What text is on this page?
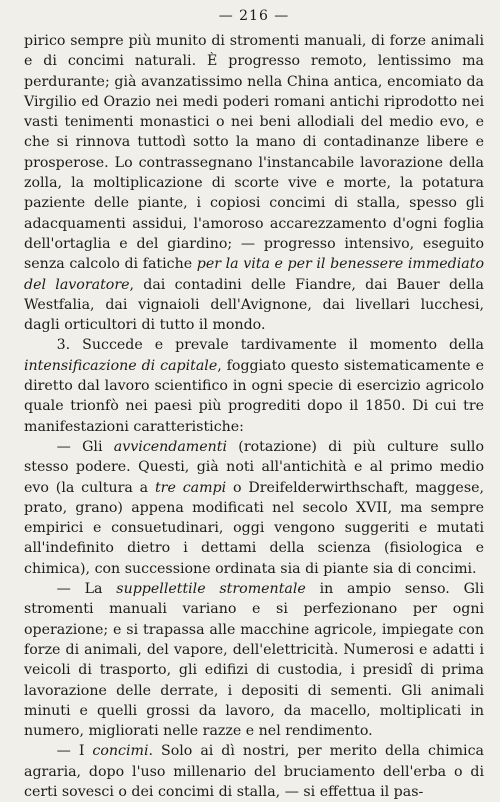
— 216 —

pirico sempre più munito di stromenti manuali, di forze animali e di concimi naturali. È progresso remoto, lentissimo ma perdurante; già avanzatissimo nella China antica, encomiato da Virgilio ed Orazio nei medi poderi romani antichi riprodotto nei vasti tenimenti monastici o nei beni allodiali del medio evo, e che si rinnova tuttodì sotto la mano di contadinanze libere e prosperose. Lo contrassegnano l'instancabile lavorazione della zolla, la moltiplicazione di scorte vive e morte, la potatura paziente delle piante, i copiosi concimi di stalla, spesso gli adacquamenti assidui, l'amoroso accarezzamento d'ogni foglia dell'ortaglia e del giardino; — progresso intensivo, eseguito senza calcolo di fatiche per la vita e per il benessere immediato del lavoratore, dai contadini delle Fiandre, dai Bauer della Westfalia, dai vignaioli dell'Avignone, dai livellari lucchesi, dagli orticultori di tutto il mondo.

3. Succede e prevale tardivamente il momento della intensificazione di capitale, foggiato questo sistematicamente e diretto dal lavoro scientifico in ogni specie di esercizio agricolo quale trionfò nei paesi più progrediti dopo il 1850. Di cui tre manifestazioni caratteristiche:

— Gli avvicendamenti (rotazione) di più culture sullo stesso podere. Questi, già noti all'antichità e al primo medio evo (la cultura a tre campi o Dreifelderwirthschaft, maggese, prato, grano) appena modificati nel secolo XVII, ma sempre empirici e consuetudinari, oggi vengono suggeriti e mutati all'indefinito dietro i dettami della scienza (fisiologica e chimica), con successione ordinata sia di piante sia di concimi.

— La suppellettile stromentale in ampio senso. Gli stromenti manuali variano e si perfezionano per ogni operazione; e si trapassa alle macchine agricole, impiegate con forze di animali, del vapore, dell'elettricità. Numerosi e adatti i veicoli di trasporto, gli edifizi di custodia, i presidî di prima lavorazione delle derrate, i depositi di sementi. Gli animali minuti e quelli grossi da lavoro, da macello, moltiplicati in numero, migliorati nelle razze e nel rendimento.

— I concimi. Solo ai dì nostri, per merito della chimica agraria, dopo l'uso millenario del bruciamento dell'erba o di certi sovesci o dei concimi di stalla, — si effettua il pas-
